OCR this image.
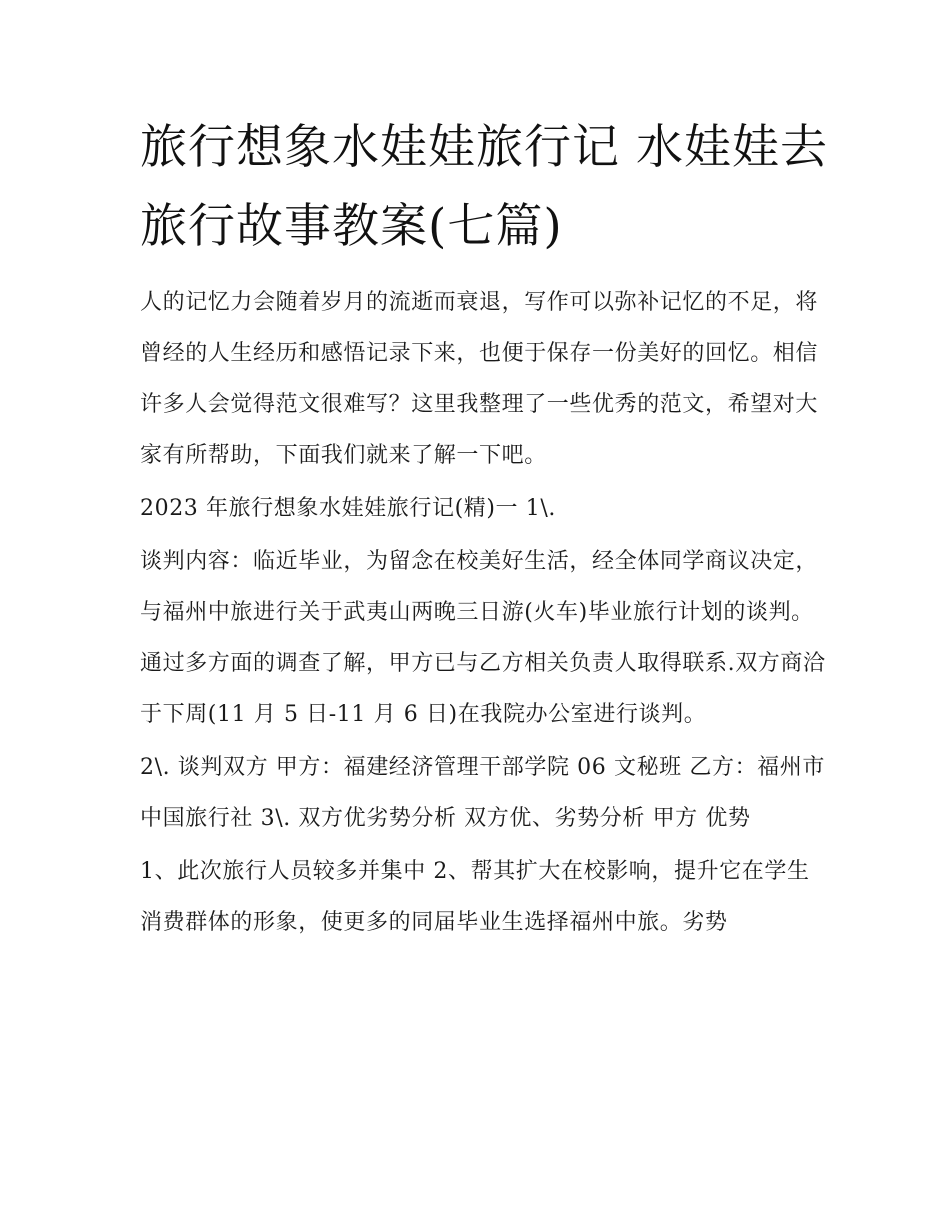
旅行想象水娃娃旅行记 水娃娃去旅行故事教案(七篇)

人的记忆力会随着岁月的流逝而衰退，写作可以弥补记忆的不足，将曾经的人生经历和感悟记录下来，也便于保存一份美好的回忆。相信许多人会觉得范文很难写？这里我整理了一些优秀的范文，希望对大家有所帮助，下面我们就来了解一下吧。

2023 年旅行想象水娃娃旅行记(精)一 1\.

谈判内容：临近毕业，为留念在校美好生活，经全体同学商议决定，与福州中旅进行关于武夷山两晚三日游(火车)毕业旅行计划的谈判。通过多方面的调查了解，甲方已与乙方相关负责人取得联系.双方商洽于下周(11 月 5 日-11 月 6 日)在我院办公室进行谈判。

2\. 谈判双方 甲方：福建经济管理干部学院 06 文秘班 乙方：福州市中国旅行社 3\. 双方优劣势分析 双方优、劣势分析 甲方 优势

1、此次旅行人员较多并集中 2、帮其扩大在校影响，提升它在学生消费群体的形象，使更多的同届毕业生选择福州中旅。劣势
